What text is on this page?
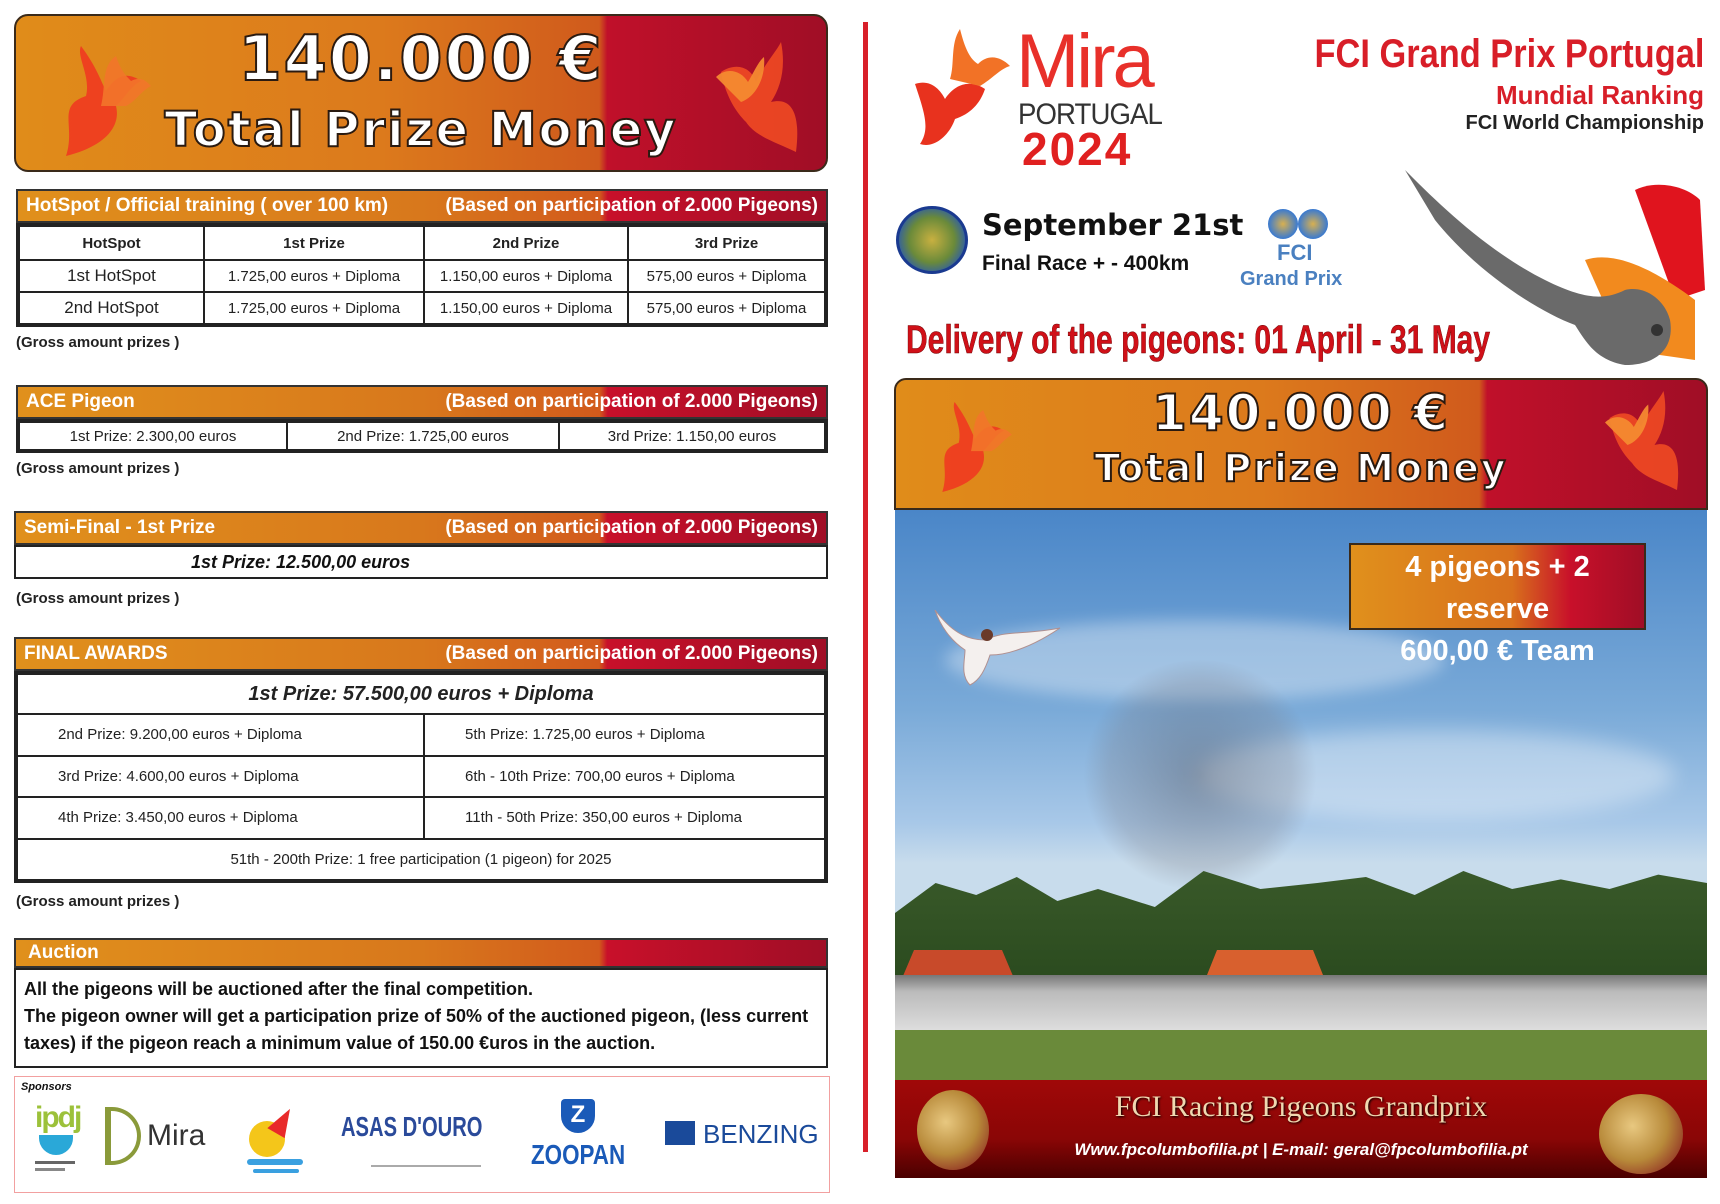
140.000 €
Total Prize Money
HotSpot / Official training ( over 100 km)	(Based on participation of 2.000 Pigeons)
HotSpot	1st Prize	2nd Prize	3rd Prize
1st HotSpot	1.725,00 euros + Diploma	1.150,00 euros + Diploma	575,00 euros + Diploma
2nd HotSpot	1.725,00 euros + Diploma	1.150,00 euros + Diploma	575,00 euros + Diploma
(Gross amount prizes )
ACE Pigeon	(Based on participation of 2.000 Pigeons)
1st Prize: 2.300,00 euros	2nd Prize: 1.725,00 euros	3rd Prize: 1.150,00 euros
(Gross amount prizes )
Semi-Final - 1st Prize	(Based on participation of 2.000 Pigeons)
1st Prize: 12.500,00 euros
(Gross amount prizes )
FINAL AWARDS	(Based on participation of 2.000 Pigeons)
1st Prize: 57.500,00 euros + Diploma	
2nd Prize: 9.200,00 euros + Diploma	5th Prize: 1.725,00 euros + Diploma
3rd Prize: 4.600,00 euros + Diploma	6th - 10th Prize: 700,00 euros + Diploma
4th Prize: 3.450,00 euros + Diploma	11th - 50th Prize: 350,00 euros + Diploma
51th - 200th Prize: 1 free participation (1 pigeon) for 2025	
(Gross amount prizes )
Auction
All the pigeons will be auctioned after the final competition.
The pigeon owner will get a participation prize of 50% of the auctioned pigeon, (less current taxes) if the pigeon reach a minimum value of 150.00 €uros in the auction.
Sponsors
ipdj
Mira	ASAS D'OURO	Z
ZOOPAN
BENZING
Mira
PORTUGAL
2024
FCI Grand Prix Portugal
Mundial Ranking
FCI World Championship
September 21st
Final Race + - 400km	FCI
Grand Prix
Delivery of the pigeons: 01 April - 31 May
140.000 €
Total Prize Money
4 pigeons + 2 reserve
600,00 € Team
FCI Racing Pigeons Grandprix
Www.fpcolumbofilia.pt | E-mail: geral@fpcolumbofilia.pt
